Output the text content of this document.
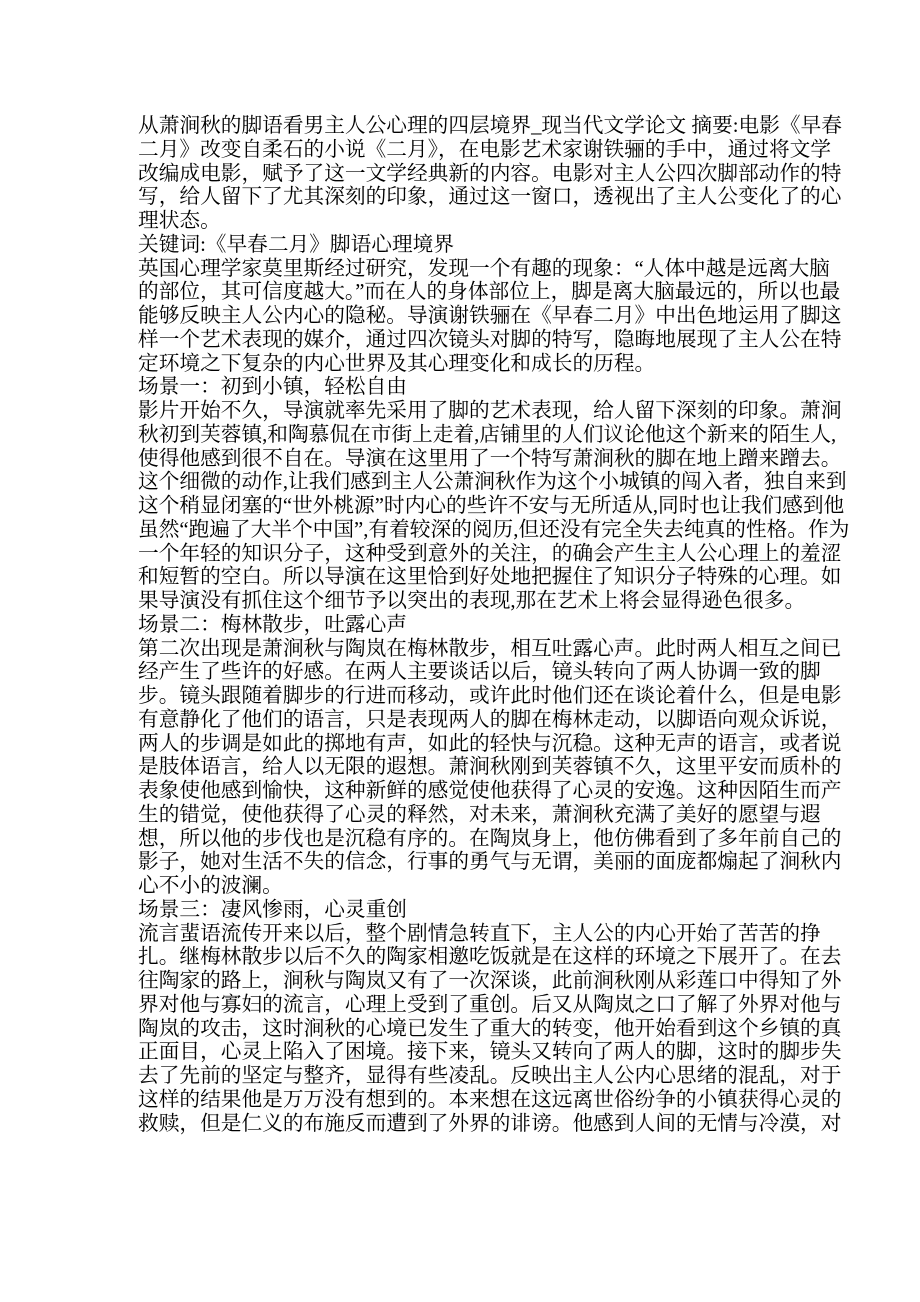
从萧涧秋的脚语看男主人公心理的四层境界_现当代文学论文 摘要:电影《早春二月》改变自柔石的小说《二月》，在电影艺术家谢铁骊的手中，通过将文学改编成电影，赋予了这一文学经典新的内容。电影对主人公四次脚部动作的特写，给人留下了尤其深刻的印象，通过这一窗口，透视出了主人公变化了的心理状态。

关键词:《早春二月》脚语心理境界

英国心理学家莫里斯经过研究，发现一个有趣的现象：“人体中越是远离大脑的部位，其可信度越大。”而在人的身体部位上，脚是离大脑最远的，所以也最能够反映主人公内心的隐秘。导演谢铁骊在《早春二月》中出色地运用了脚这样一个艺术表现的媒介，通过四次镜头对脚的特写，隐晦地展现了主人公在特定环境之下复杂的内心世界及其心理变化和成长的历程。

场景一：初到小镇，轻松自由

影片开始不久，导演就率先采用了脚的艺术表现，给人留下深刻的印象。萧涧秋初到芙蓉镇,和陶慕侃在市街上走着,店铺里的人们议论他这个新来的陌生人,使得他感到很不自在。导演在这里用了一个特写萧涧秋的脚在地上蹭来蹭去。这个细微的动作,让我们感到主人公萧涧秋作为这个小城镇的闯入者，独自来到这个稍显闭塞的“世外桃源”时内心的些许不安与无所适从,同时也让我们感到他虽然“跑遍了大半个中国”,有着较深的阅历,但还没有完全失去纯真的性格。作为一个年轻的知识分子，这种受到意外的关注，的确会产生主人公心理上的羞涩和短暂的空白。所以导演在这里恰到好处地把握住了知识分子特殊的心理。如果导演没有抓住这个细节予以突出的表现,那在艺术上将会显得逊色很多。

场景二：梅林散步，吐露心声

第二次出现是萧涧秋与陶岚在梅林散步，相互吐露心声。此时两人相互之间已经产生了些许的好感。在两人主要谈话以后，镜头转向了两人协调一致的脚步。镜头跟随着脚步的行进而移动，或许此时他们还在谈论着什么，但是电影有意静化了他们的语言，只是表现两人的脚在梅林走动，以脚语向观众诉说，两人的步调是如此的掷地有声，如此的轻快与沉稳。这种无声的语言，或者说是肢体语言，给人以无限的遐想。萧涧秋刚到芙蓉镇不久，这里平安而质朴的表象使他感到愉快，这种新鲜的感觉使他获得了心灵的安逸。这种因陌生而产生的错觉，使他获得了心灵的释然，对未来，萧涧秋充满了美好的愿望与遐想，所以他的步伐也是沉稳有序的。在陶岚身上，他仿佛看到了多年前自己的影子，她对生活不失的信念，行事的勇气与无谓，美丽的面庞都煽起了涧秋内心不小的波澜。

场景三：凄风惨雨，心灵重创

流言蜚语流传开来以后，整个剧情急转直下，主人公的内心开始了苦苦的挣扎。继梅林散步以后不久的陶家相邀吃饭就是在这样的环境之下展开了。在去往陶家的路上，涧秋与陶岚又有了一次深谈，此前涧秋刚从彩莲口中得知了外界对他与寡妇的流言，心理上受到了重创。后又从陶岚之口了解了外界对他与陶岚的攻击，这时涧秋的心境已发生了重大的转变，他开始看到这个乡镇的真正面目，心灵上陷入了困境。接下来，镜头又转向了两人的脚，这时的脚步失去了先前的坚定与整齐，显得有些凌乱。反映出主人公内心思绪的混乱，对于这样的结果他是万万没有想到的。本来想在这远离世俗纷争的小镇获得心灵的救赎，但是仁义的布施反而遭到了外界的诽谤。他感到人间的无情与冷漠，对
